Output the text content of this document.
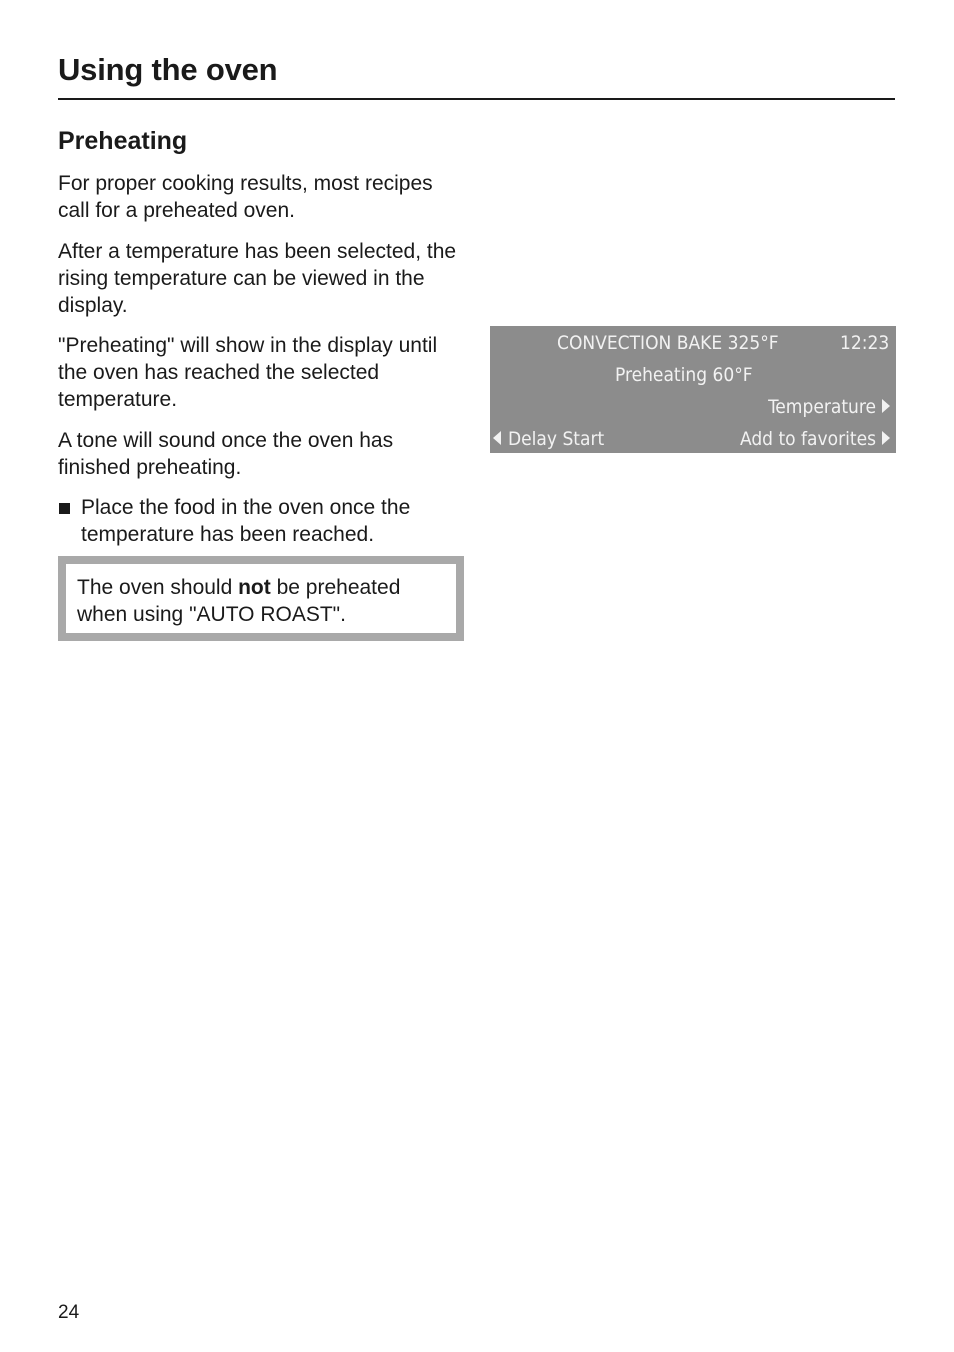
Using the oven
Preheating

For proper cooking results, most recipes call for a preheated oven.

After a temperature has been selected, the rising temperature can be viewed in the display.

"Preheating" will show in the display until the oven has reached the selected temperature.

A tone will sound once the oven has finished preheating.

Place the food in the oven once the temperature has been reached.
The oven should not be preheated when using "AUTO ROAST".
CONVECTION BAKE 325°F	12:23
Preheating 60°F
Temperature
Delay Start	Add to favorites
24
